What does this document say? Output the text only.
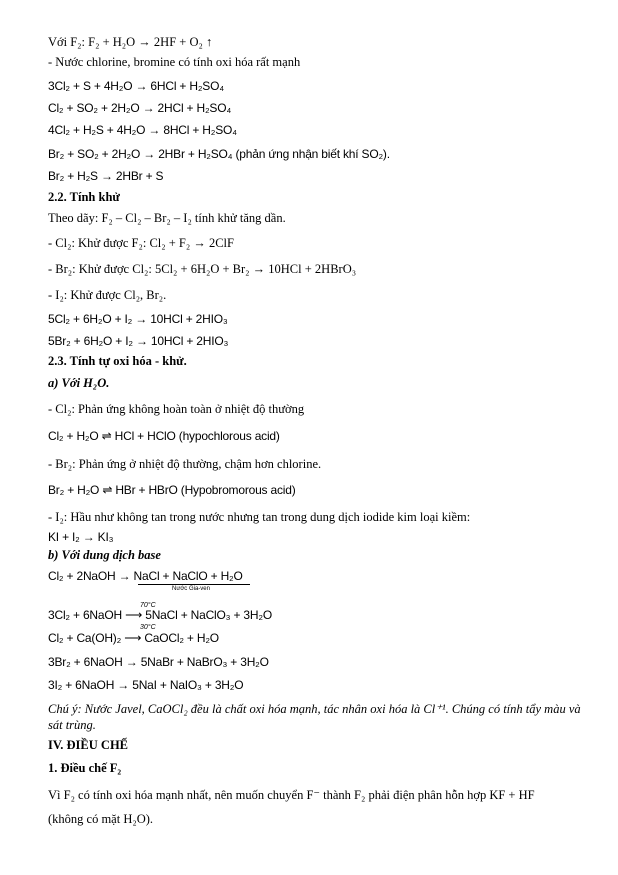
Với F₂: F₂ + H₂O → 2HF + O₂ ↑
- Nước chlorine, bromine có tính oxi hóa rất mạnh
3Cl₂ + S + 4H₂O → 6HCl + H₂SO₄
Cl₂ + SO₂ + 2H₂O → 2HCl + H₂SO₄
4Cl₂ + H₂S + 4H₂O → 8HCl + H₂SO₄
Br₂ + SO₂ + 2H₂O → 2HBr + H₂SO₄ (phản ứng nhận biết khí SO₂).
Br₂ + H₂S → 2HBr + S
2.2. Tính khử
Theo dãy: F₂ – Cl₂ – Br₂ – I₂ tính khử tăng dần.
- Cl₂: Khử được F₂: Cl₂ + F₂ → 2ClF
- Br₂: Khử được Cl₂: 5Cl₂ + 6H₂O + Br₂ → 10HCl + 2HBrO₃
- I₂: Khử được Cl₂, Br₂.
5Cl₂ + 6H₂O + I₂ → 10HCl + 2HIO₃
5Br₂ + 6H₂O + I₂ → 10HCl + 2HIO₃
2.3. Tính tự oxi hóa - khử.
a) Với H₂O.
- Cl₂: Phản ứng không hoàn toàn ở nhiệt độ thường
Cl₂ + H₂O ⇌ HCl + HClO (hypochlorous acid)
- Br₂: Phản ứng ở nhiệt độ thường, chậm hơn chlorine.
Br₂ + H₂O ⇌ HBr + HBrO (Hypobromorous acid)
- I₂: Hầu như không tan trong nước nhưng tan trong dung dịch iodide kim loại kiềm:
KI + I₂ → KI₃
b) Với dung dịch base
Cl₂ + 2NaOH → NaCl + NaClO + H₂O
Nước Gia-ven
70°C
3Cl₂ + 6NaOH ⟶ 5NaCl + NaClO₃ + 3H₂O
30°C
Cl₂ + Ca(OH)₂ ⟶ CaOCl₂ + H₂O
3Br₂ + 6NaOH → 5NaBr + NaBrO₃ + 3H₂O
3I₂ + 6NaOH → 5NaI + NaIO₃ + 3H₂O
Chú ý: Nước Javel, CaOCl₂ đều là chất oxi hóa mạnh, tác nhân oxi hóa là Cl⁺¹. Chúng có tính tẩy màu và sát trùng.
IV. ĐIỀU CHẾ
1. Điều chế F₂
Vì F₂ có tính oxi hóa mạnh nhất, nên muốn chuyển F⁻ thành F₂ phải điện phân hỗn hợp KF + HF
(không có mặt H₂O).
